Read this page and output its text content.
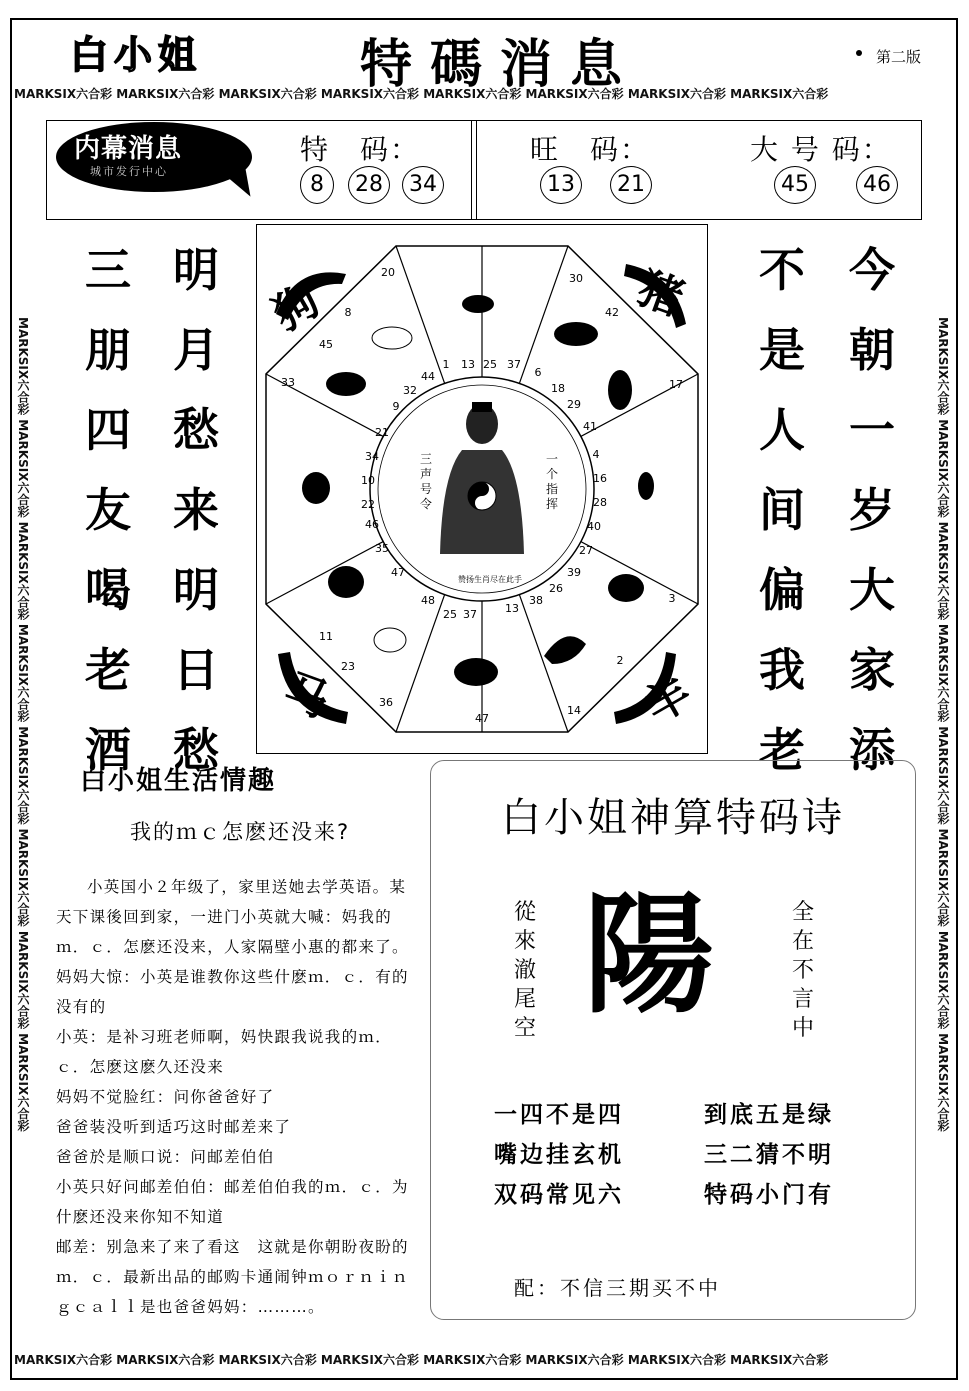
MARKSIX六合彩 MARKSIX六合彩 MARKSIX六合彩 MARKSIX六合彩 MARKSIX六合彩 MARKSIX六合彩 MARKSIX六合彩 MARKSIX六合彩
MARKSIX六合彩 MARKSIX六合彩 MARKSIX六合彩 MARKSIX六合彩 MARKSIX六合彩 MARKSIX六合彩 MARKSIX六合彩 MARKSIX六合彩
MARKSIX六合彩 MARKSIX六合彩 MARKSIX六合彩 MARKSIX六合彩 MARKSIX六合彩 MARKSIX六合彩 MARKSIX六合彩 MARKSIX六合彩	MARKSIX六合彩 MARKSIX六合彩 MARKSIX六合彩 MARKSIX六合彩 MARKSIX六合彩 MARKSIX六合彩 MARKSIX六合彩 MARKSIX六合彩
白小姐	特碼消息	第二版
内幕消息
城市发行中心
特　码：
8	28	34
旺　码：
13	21
大 号 码：
45	46
三
朋
四
友
喝
老
酒
明
月
愁
来
明
日
愁
不
是
人
间
偏
我
老
今
朝
一
岁
大
家
添
1 13 25 37
30
42
6
18	17
29
41
4
16
28
40
27
39
3
26
38
2
14
25 37	13
47
35
47
48
11
23
36
34
10
22
46
20
8
44
45
32
33
9
21
狗	猪
马	羊
三声号令
一个指挥
赞扬生肖尽在此手
白小姐生活情趣
我的ｍｃ怎麽还没来?

小英国小２年级了，家里送她去学英语。某天下课後回到家，一进门小英就大喊：妈我的ｍ．ｃ．怎麽还没来，人家隔壁小惠的都来了。妈妈大惊：小英是谁教你这些什麽ｍ．ｃ．有的没有的

小英：是补习班老师啊，妈快跟我说我的ｍ．ｃ．怎麽这麽久还没来

妈妈不觉脸红：问你爸爸好了

爸爸装没听到适巧这时邮差来了

爸爸於是顺口说：问邮差伯伯

小英只好问邮差伯伯：邮差伯伯我的ｍ．ｃ．为什麽还没来你知不知道

邮差：别急来了来了看这　这就是你朝盼夜盼的ｍ．ｃ．最新出品的邮购卡通闹钟ｍｏｒｎｉｎｇｃａｌｌ是也爸爸妈妈：………。

白小姐神算特码诗
從來澈尾空 陽	全在不言中
一四不是四
嘴边挂玄机
双码常见六
到底五是绿
三二猜不明
特码小门有
配：不信三期买不中
